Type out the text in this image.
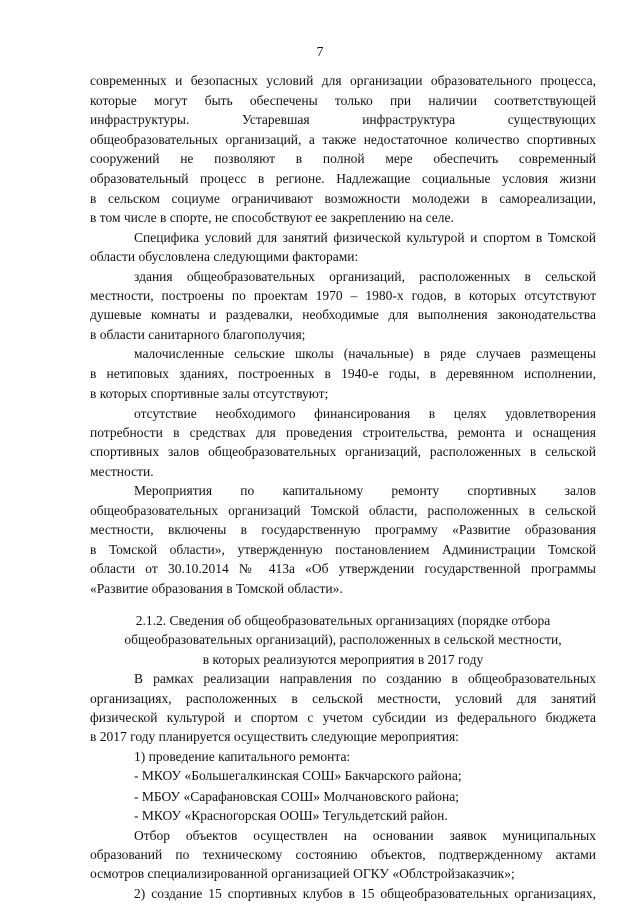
7
современных и безопасных условий для организации образовательного процесса,
которые могут быть обеспечены только при наличии соответствующей
инфраструктуры. Устаревшая инфраструктура существующих
общеобразовательных организаций, а также недостаточное количество спортивных
сооружений не позволяют в полной мере обеспечить современный
образовательный процесс в регионе. Надлежащие социальные условия жизни
в сельском социуме ограничивают возможности молодежи в самореализации,
в том числе в спорте, не способствуют ее закреплению на селе.
Специфика условий для занятий физической культурой и спортом в Томской
области обусловлена следующими факторами:
здания общеобразовательных организаций, расположенных в сельской
местности, построены по проектам 1970 – 1980-х годов, в которых отсутствуют
душевые комнаты и раздевалки, необходимые для выполнения законодательства
в области санитарного благополучия;
малочисленные сельские школы (начальные) в ряде случаев размещены
в нетиповых зданиях, построенных в 1940-е годы, в деревянном исполнении,
в которых спортивные залы отсутствуют;
отсутствие необходимого финансирования в целях удовлетворения
потребности в средствах для проведения строительства, ремонта и оснащения
спортивных залов общеобразовательных организаций, расположенных в сельской
местности.
Мероприятия по капитальному ремонту спортивных залов
общеобразовательных организаций Томской области, расположенных в сельской
местности, включены в государственную программу «Развитие образования
в Томской области», утвержденную постановлением Администрации Томской
области от 30.10.2014 № 413а «Об утверждении государственной программы
«Развитие образования в Томской области».
2.1.2. Сведения об общеобразовательных организациях (порядке отбора
общеобразовательных организаций), расположенных в сельской местности,
в которых реализуются мероприятия в 2017 году
В рамках реализации направления по созданию в общеобразовательных
организациях, расположенных в сельской местности, условий для занятий
физической культурой и спортом с учетом субсидии из федерального бюджета
в 2017 году планируется осуществить следующие мероприятия:
1) проведение капитального ремонта:
- МКОУ «Большегалкинская СОШ» Бакчарского района;
- МБОУ «Сарафановская СОШ» Молчановского района;
- МКОУ «Красногорская ООШ» Тегульдетский район.
Отбор объектов осуществлен на основании заявок муниципальных
образований по техническому состоянию объектов, подтвержденному актами
осмотров специализированной организацией ОГКУ «Облстройзаказчик»;
2) создание 15 спортивных клубов в 15 общеобразовательных организациях,
